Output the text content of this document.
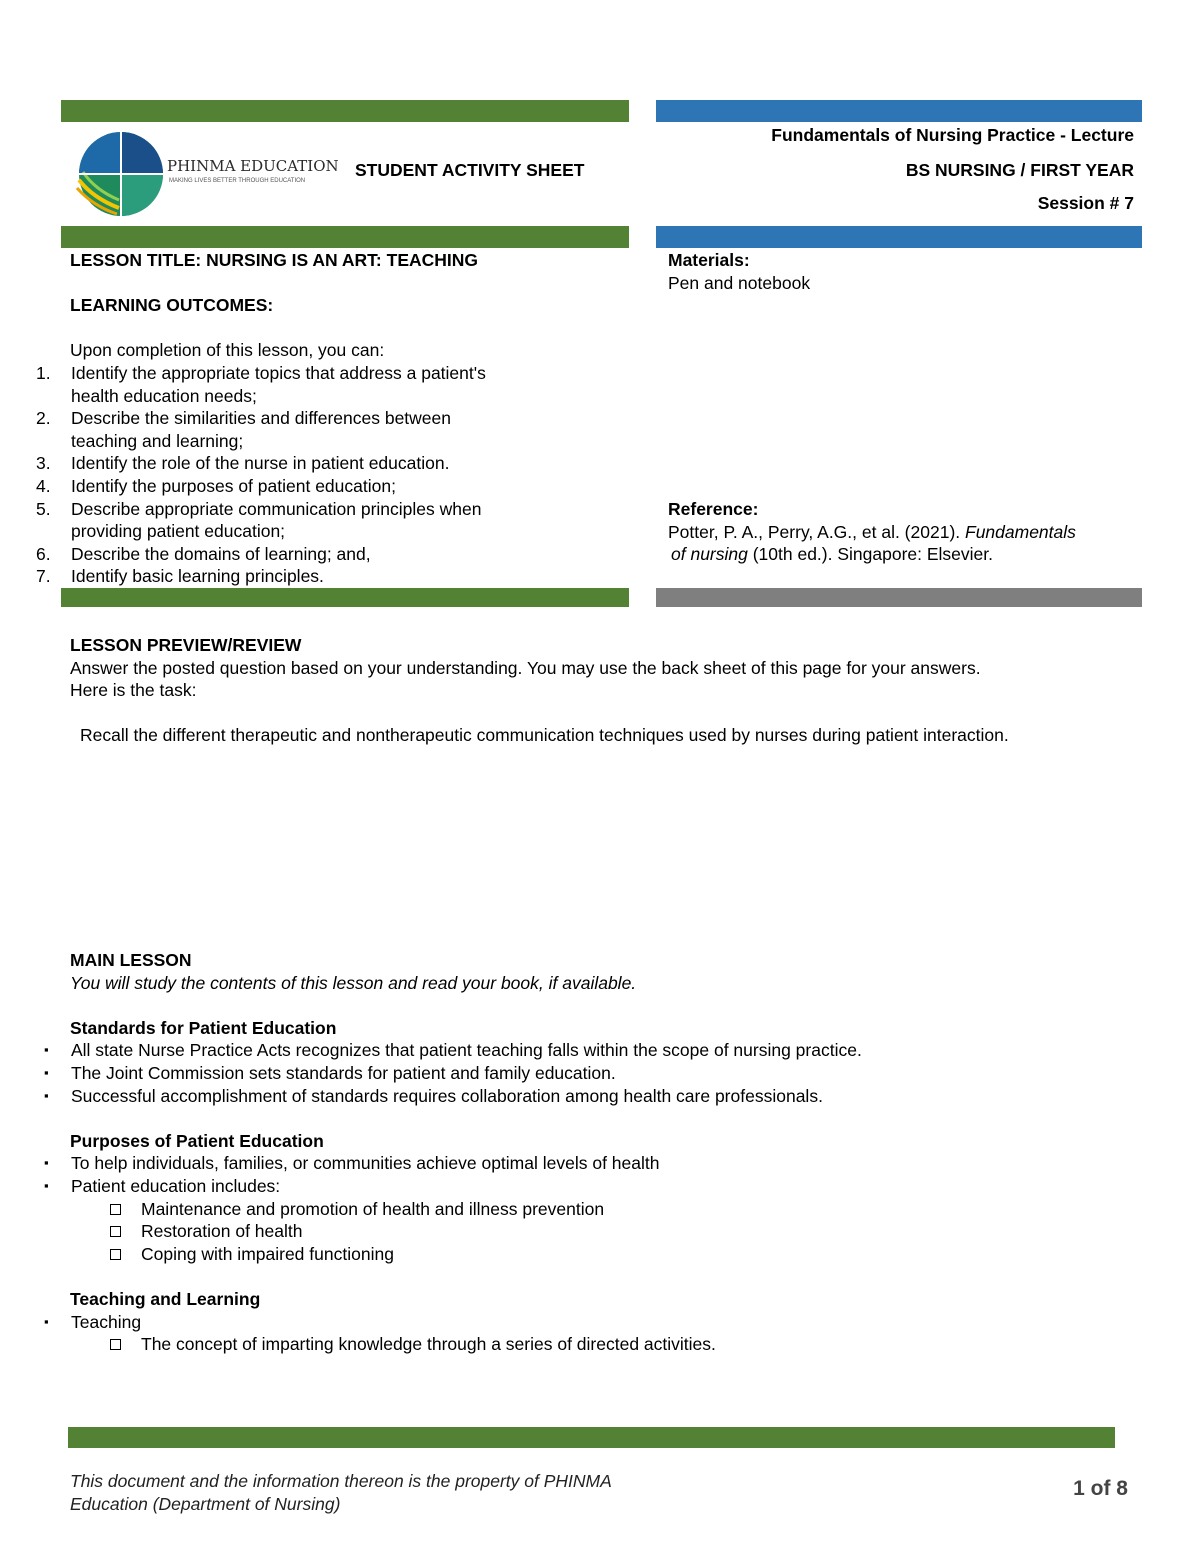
PHINMA EDUCATION
MAKING LIVES BETTER THROUGH EDUCATION
STUDENT ACTIVITY SHEET
Fundamentals of Nursing Practice - Lecture
BS NURSING / FIRST YEAR
Session # 7
LESSON TITLE: NURSING IS AN ART: TEACHING
LEARNING OUTCOMES:
Upon completion of this lesson, you can:
1. Identify the appropriate topics that address a patient's
health education needs;
2. Describe the similarities and differences between
teaching and learning;
3. Identify the role of the nurse in patient education.
4. Identify the purposes of patient education;
5. Describe appropriate communication principles when
providing patient education;
6. Describe the domains of learning; and,
7. Identify basic learning principles.
Materials:
Pen and notebook
Reference:
Potter, P. A., Perry, A.G., et al. (2021). Fundamentals
of nursing (10th ed.). Singapore: Elsevier.
LESSON PREVIEW/REVIEW
Answer the posted question based on your understanding. You may use the back sheet of this page for your answers.
Here is the task:
Recall the different therapeutic and nontherapeutic communication techniques used by nurses during patient interaction.
MAIN LESSON
You will study the contents of this lesson and read your book, if available.
Standards for Patient Education
▪ All state Nurse Practice Acts recognizes that patient teaching falls within the scope of nursing practice.
▪ The Joint Commission sets standards for patient and family education.
▪ Successful accomplishment of standards requires collaboration among health care professionals.
Purposes of Patient Education
▪ To help individuals, families, or communities achieve optimal levels of health
▪ Patient education includes:
Maintenance and promotion of health and illness prevention
Restoration of health
Coping with impaired functioning
Teaching and Learning
▪ Teaching
The concept of imparting knowledge through a series of directed activities.
This document and the information thereon is the property of PHINMA
Education (Department of Nursing)
1 of 8
